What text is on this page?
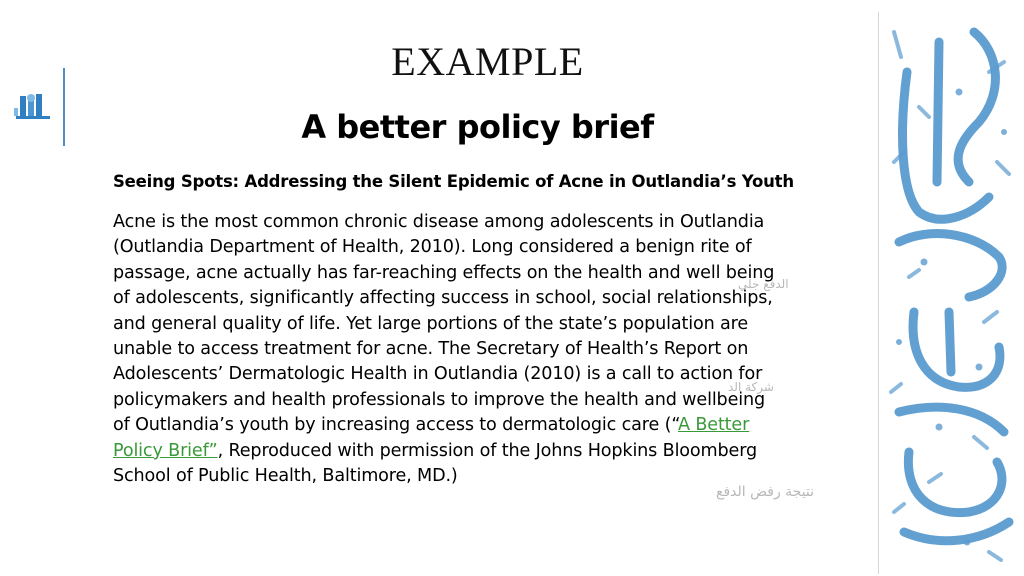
EXAMPLE
A better policy brief

Seeing Spots: Addressing the Silent Epidemic of Acne in Outlandia’s Youth

Acne is the most common chronic disease among adolescents in Outlandia
(Outlandia Department of Health, 2010). Long considered a benign rite of
passage, acne actually has far-reaching effects on the health and well being
of adolescents, significantly affecting success in school, social relationships,
and general quality of life. Yet large portions of the state’s population are
unable to access treatment for acne. The Secretary of Health’s Report on
Adolescents’ Dermatologic Health in Outlandia (2010) is a call to action for
policymakers and health professionals to improve the health and wellbeing
of Outlandia’s youth by increasing access to dermatologic care (“A Better
Policy Brief”, Reproduced with permission of the Johns Hopkins Bloomberg
School of Public Health, Baltimore, MD.)

الدفع جلي
شركة الد
نتيجة رفض الدفع
